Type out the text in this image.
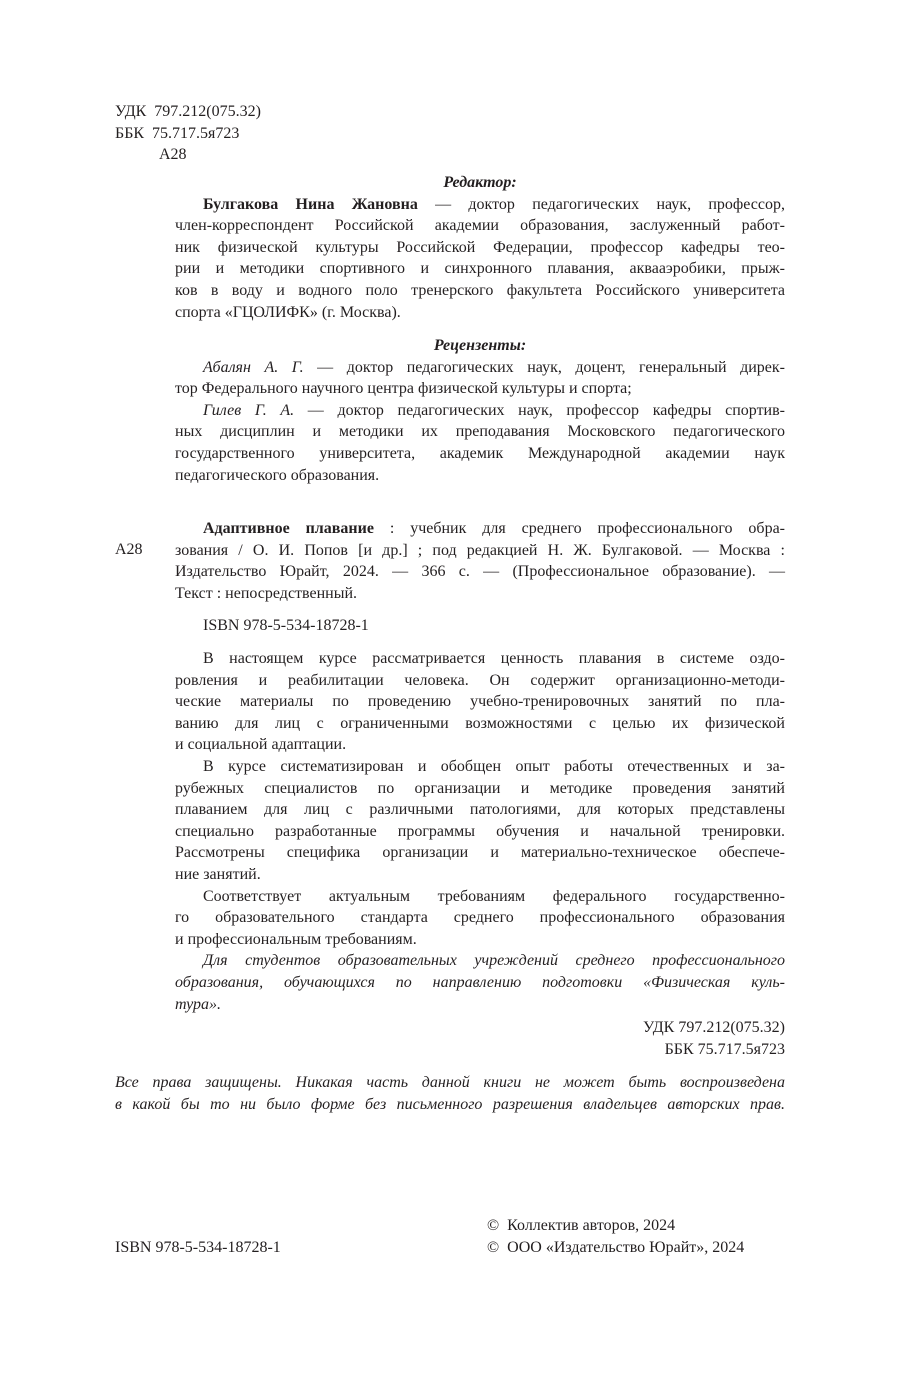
УДК 797.212(075.32)
ББК 75.717.5я723
А28
Редактор:
Булгакова Нина Жановна — доктор педагогических наук, профессор,
член-корреспондент Российской академии образования, заслуженный работ-
ник физической культуры Российской Федерации, профессор кафедры тео-
рии и методики спортивного и синхронного плавания, аквааэробики, прыж-
ков в воду и водного поло тренерского факультета Российского университета
спорта «ГЦОЛИФК» (г. Москва).
Рецензенты:
Абалян А. Г. — доктор педагогических наук, доцент, генеральный дирек-
тор Федерального научного центра физической культуры и спорта;
Гилев Г. А. — доктор педагогических наук, профессор кафедры спортив-
ных дисциплин и методики их преподавания Московского педагогического
государственного университета, академик Международной академии наук
педагогического образования.
А28
Адаптивное плавание : учебник для среднего профессионального обра-
зования / О. И. Попов [и др.] ; под редакцией Н. Ж. Булгаковой. — Москва :
Издательство Юрайт, 2024. — 366 с. — (Профессиональное образование). —
Текст : непосредственный.
ISBN 978-5-534-18728-1
В настоящем курсе рассматривается ценность плавания в системе оздо-
ровления и реабилитации человека. Он содержит организационно-методи-
ческие материалы по проведению учебно-тренировочных занятий по пла-
ванию для лиц с ограниченными возможностями с целью их физической
и социальной адаптации.
В курсе систематизирован и обобщен опыт работы отечественных и за-
рубежных специалистов по организации и методике проведения занятий
плаванием для лиц с различными патологиями, для которых представлены
специально разработанные программы обучения и начальной тренировки.
Рассмотрены специфика организации и материально-техническое обеспече-
ние занятий.
Соответствует актуальным требованиям федерального государственно-
го образовательного стандарта среднего профессионального образования
и профессиональным требованиям.
Для студентов образовательных учреждений среднего профессионального
образования, обучающихся по направлению подготовки «Физическая куль-
тура».
УДК 797.212(075.32)
ББК 75.717.5я723
Все права защищены. Никакая часть данной книги не может быть воспроизведена
в какой бы то ни было форме без письменного разрешения владельцев авторских прав.
ISBN 978-5-534-18728-1
©  Коллектив авторов, 2024
©  ООО «Издательство Юрайт», 2024
